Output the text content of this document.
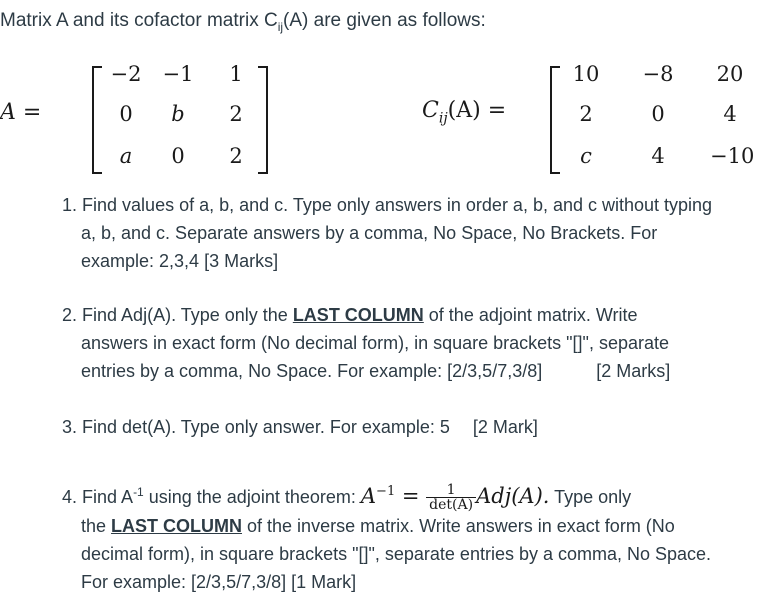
Matrix A and its cofactor matrix $C_{ij}(A)$ are given as follows:
A =
−2 −1	1
0	b	2
a	0	2
$C_{ij}(A)$ =
10	−8	20
2	0	4
c	4	−10
1. Find values of a, b, and c. Type only answers in order a, b, and c without typing
a, b, and c. Separate answers by a comma, No Space, No Brackets. For
example: 2,3,4 [3 Marks]
2. Find Adj(A). Type only the LAST COLUMN of the adjoint matrix. Write
answers in exact form (No decimal form), in square brackets "[]", separate
entries by a comma, No Space. For example: [2/3,5/7,3/8]	[2 Marks]
3. Find det(A). Type only answer. For example: 5 [2 Mark]
4. Find $A^{-1}$ using the adjoint theorem: $A^{-1} = \frac{1}{\det(A)} Adj(A)$. Type only
the LAST COLUMN of the inverse matrix. Write answers in exact form (No
decimal form), in square brackets "[]", separate entries by a comma, No Space.
For example: [2/3,5/7,3/8] [1 Mark]
